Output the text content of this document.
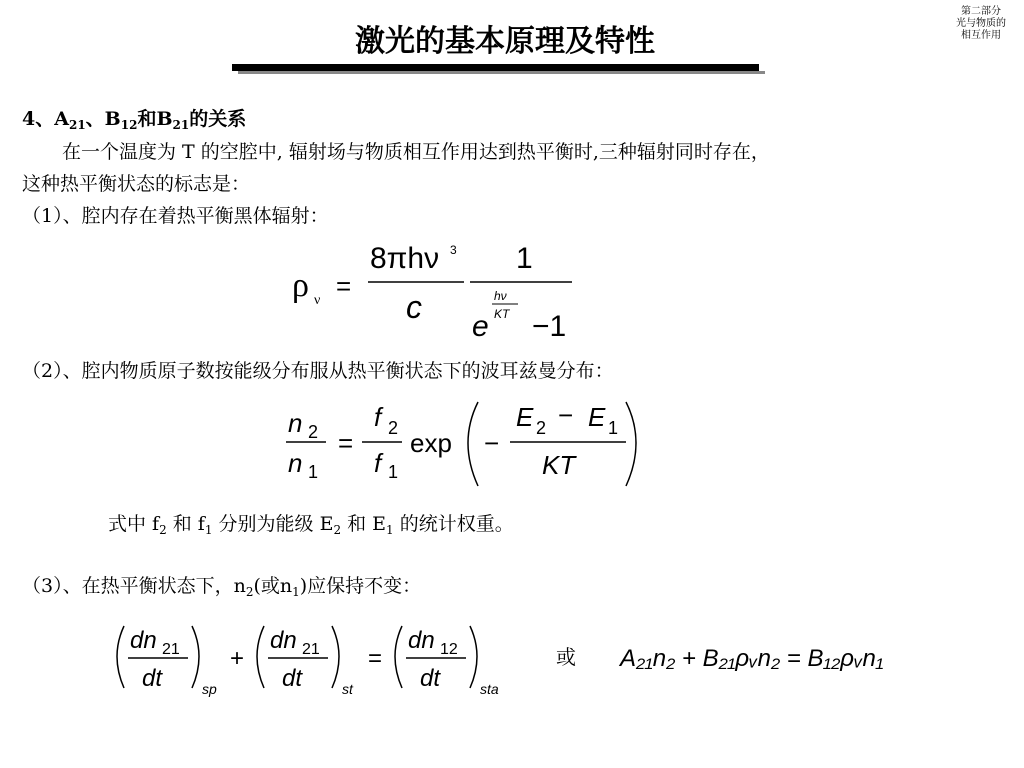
激光的基本原理及特性
第二部分
光与物质的
相互作用
4、$A_{21}$、$B_{12}$和$B_{21}$的关系
在一个温度为 T 的空腔中, 辐射场与物质相互作用达到热平衡时,三种辐射同时存在，
这种热平衡状态的标志是：
（1）、腔内存在着热平衡黑体辐射：
ρ ν =
8πhν 3
c
1
hν
KT
e −1
（2）、腔内物质原子数按能级分布服从热平衡状态下的波耳兹曼分布：
n 2
n 1
=
f 2
f 1
exp −
E 2 − E 1
KT
式中 $f_2$ 和 $f_1$ 分别为能级 $E_2$ 和 $E_1$ 的统计权重。
（3）、在热平衡状态下，$n_2$(或$n_1$)应保持不变：
dn 21
dt	sp
+
dn 21
dt	st
=
dn 12
dt	sta
或 A₂₁n₂ + B₂₁ρᵥn₂ = B₁₂ρᵥn₁
